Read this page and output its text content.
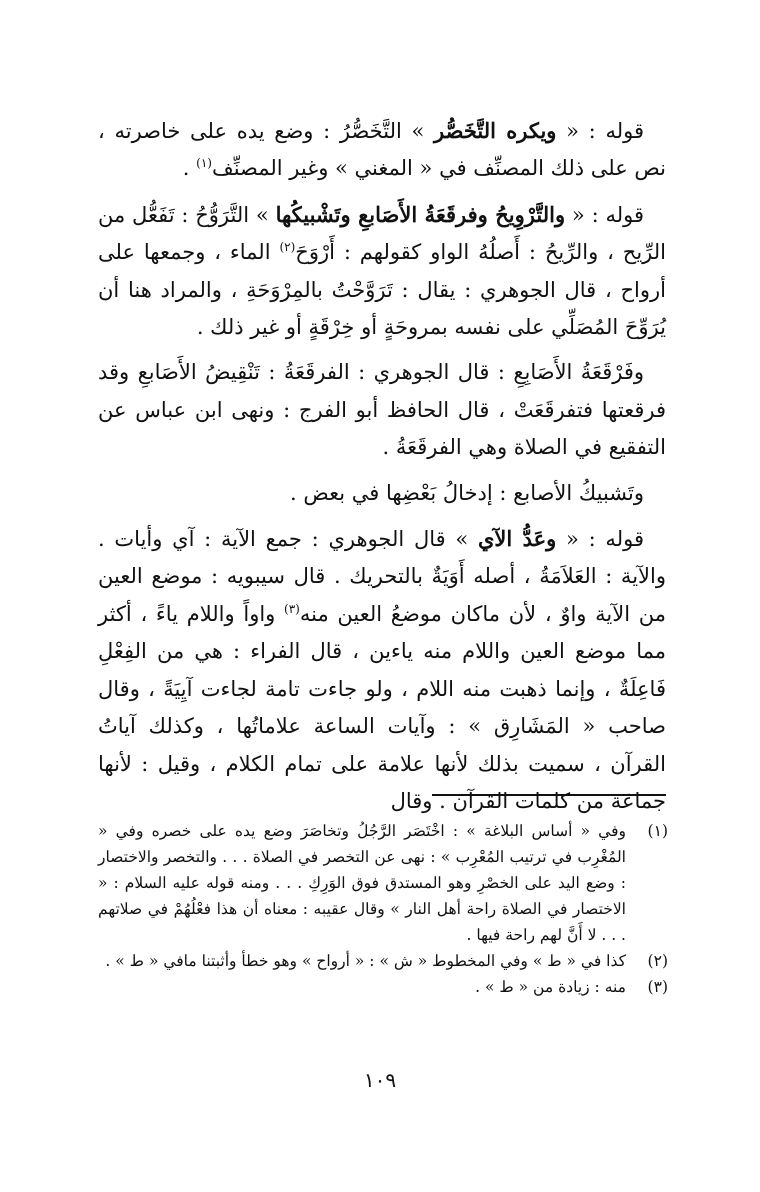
قوله : « ويكره التَّخَصُّر » التَّخَصُّرُ : وضع يده على خاصرته ، نص على ذلك المصنِّف في « المغني » وغير المصنِّف$^{(١)}$ .

قوله : « والتَّرْوِيحُ وفرقَعَةُ الأَصَابعِ وتَشْبيكُها » التَّرَوُّحُ : تَفَعُّل من الرِّيح ، والرِّيحُ : أَصلُهُ الواو كقولهم : أَرْوَحَ$^{(٢)}$ الماء ، وجمعها على أرواح ، قال الجوهري : يقال : تَرَوَّحْتُ بالمِرْوَحَةِ ، والمراد هنا أن يُرَوِّحَ المُصَلِّي على نفسه بمروحَةٍ أو خِرْقَةٍ أو غير ذلك .

وفَرْقَعَةُ الأَصَابِعِ : قال الجوهري : الفرقَعَةُ : تَنْقِيضُ الأَصَابعِ وقد فرقعتها فتفرقَعَتْ ، قال الحافظ أبو الفرج : ونهى ابن عباس عن التفقيع في الصلاة وهي الفرقَعَةُ .

وتَشبيكُ الأصابع : إدخالُ بَعْضِها في بعض .

قوله : « وعَدُّ الآي » قال الجوهري : جمع الآية : آي وأيات . والآية : العَلاَمَةُ ، أصله أَوَيَةٌ بالتحريك . قال سيبويه : موضع العين من الآية واوٌ ، لأن ماكان موضعُ العين منه$^{(٣)}$ واواً واللام ياءً ، أكثر مما موضع العين واللام منه ياءين ، قال الفراء : هي من الفِعْلِ فَاعِلَةٌ ، وإنما ذهبت منه اللام ، ولو جاءت تامة لجاءت آيِيَةً ، وقال صاحب « المَشَارِق » : وآيات الساعة علاماتُها ، وكذلك آياتُ القرآن ، سميت بذلك لأنها علامة على تمام الكلام ، وقيل : لأنها جماعَة من كلمات القرآن . وقال

(١)
وفي « أساس البلاغة » : اخْتَصَر الرَّجُلُ وتخاصَرَ وضع يده على خصره وفي « المُغْرِب في ترتيب المُعْرِب » : نهى عن التخصر في الصلاة . . . والتخصر والاختصار : وضع اليد على الخصْرِ وهو المستدق فوق الوَرِكِ . . . ومنه قوله عليه السلام : « الاختصار في الصلاة راحة أهل النار » وقال عقيبه : معناه أن هذا فعْلُهُمْ في صلاتهم . . . لا أَنَّ لهم راحة فيها .
(٢)
كذا في « ط » وفي المخطوط « ش » : « أرواح » وهو خطأ وأثبتنا مافي « ط » .
(٣)
منه : زيادة من « ط » .
١٠٩
